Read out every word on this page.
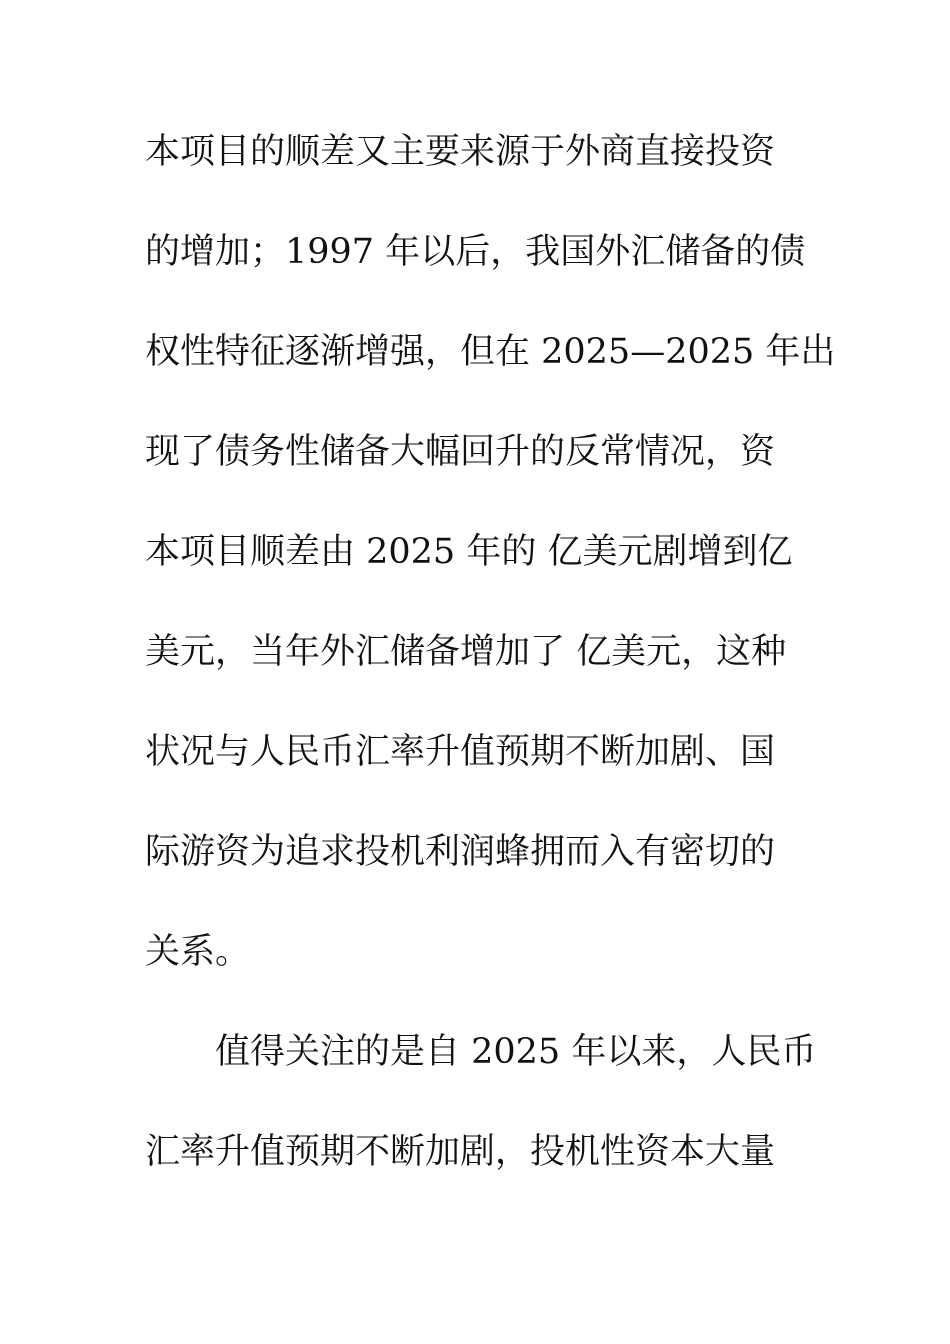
本项目的顺差又主要来源于外商直接投资
的增加；1997 年以后，我国外汇储备的债
权性特征逐渐增强，但在 2025—2025 年出
现了债务性储备大幅回升的反常情况，资
本项目顺差由 2025 年的 亿美元剧增到亿
美元，当年外汇储备增加了 亿美元，这种
状况与人民币汇率升值预期不断加剧、国
际游资为追求投机利润蜂拥而入有密切的
关系。
值得关注的是自 2025 年以来，人民币
汇率升值预期不断加剧，投机性资本大量
